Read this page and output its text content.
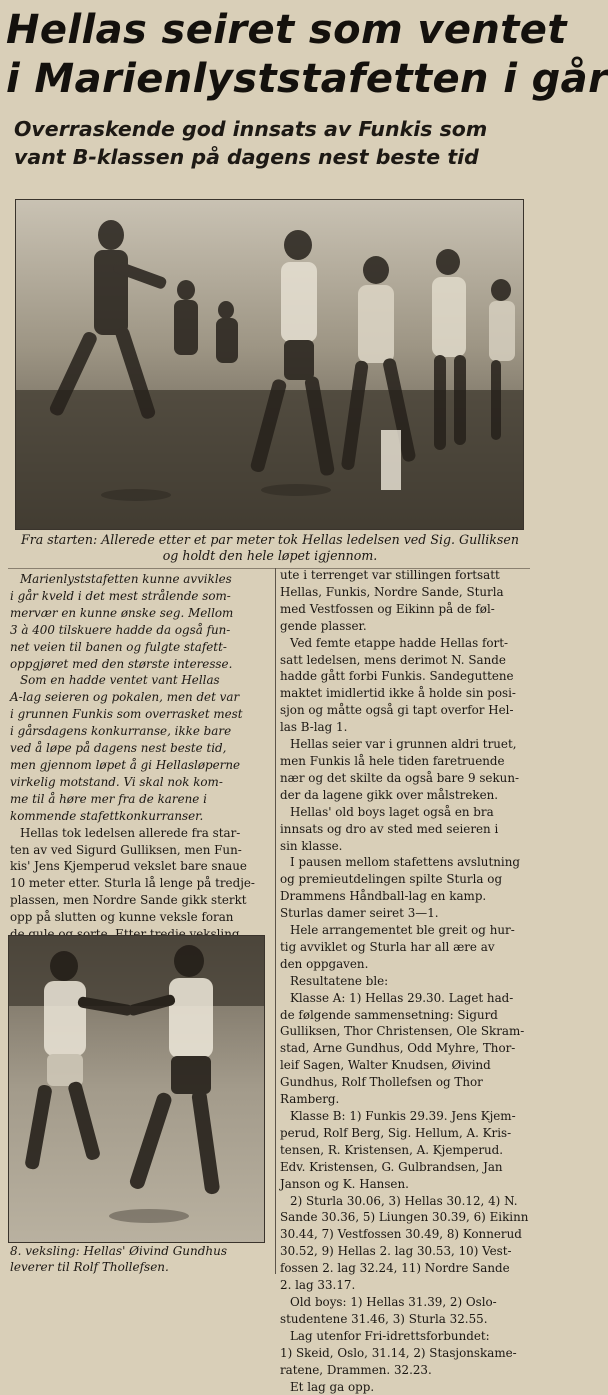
Hellas seiret som ventet
i Marienlyststafetten i går
Overraskende god innsats av Funkis som
vant B-klassen på dagens nest beste tid
Fra starten: Allerede etter et par meter tok Hellas ledelsen ved Sig. Gulliksen
og holdt den hele løpet igjennom.
Marienlyststafetten kunne avvikles
i går kveld i det mest strålende som-
mervær en kunne ønske seg. Mellom
3 à 400 tilskuere hadde da også fun-
net veien til banen og fulgte stafett-
oppgjøret med den største interesse.
Som en hadde ventet vant Hellas
A-lag seieren og pokalen, men det var
i grunnen Funkis som overrasket mest
i gårsdagens konkurranse, ikke bare
ved å løpe på dagens nest beste tid,
men gjennom løpet å gi Hellasløperne
virkelig motstand. Vi skal nok kom-
me til å høre mer fra de karene i
kommende stafettkonkurranser.
Hellas tok ledelsen allerede fra star-
ten av ved Sigurd Gulliksen, men Fun-
kis' Jens Kjemperud vekslet bare snaue
10 meter etter. Sturla lå lenge på tredje-
plassen, men Nordre Sande gikk sterkt
opp på slutten og kunne veksle foran
8. veksling: Hellas' Øivind Gundhus
leverer til Rolf Thollefsen.
ute i terrenget var stillingen fortsatt
Hellas, Funkis, Nordre Sande, Sturla
med Vestfossen og Eikinn på de føl-
gende plasser.
Ved femte etappe hadde Hellas fort-
satt ledelsen, mens derimot N. Sande
hadde gått forbi Funkis. Sandeguttene
maktet imidlertid ikke å holde sin posi-
sjon og måtte også gi tapt overfor Hel-
las B-lag 1.
Hellas seier var i grunnen aldri truet,
men Funkis lå hele tiden faretruende
nær og det skilte da også bare 9 sekun-
der da lagene gikk over målstreken.
Hellas' old boys laget også en bra
innsats og dro av sted med seieren i
sin klasse.
I pausen mellom stafettens avslutning
og premieutdelingen spilte Sturla og
Drammens Håndball-lag en kamp.
Sturlas damer seiret 3—1.
Hele arrangementet ble greit og hur-
tig avviklet og Sturla har all ære av
den oppgaven.
Resultatene ble:
Klasse A: 1) Hellas 29.30. Laget had-
de følgende sammensetning: Sigurd
Gulliksen, Thor Christensen, Ole Skram-
stad, Arne Gundhus, Odd Myhre, Thor-
leif Sagen, Walter Knudsen, Øivind
Gundhus, Rolf Thollefsen og Thor
Ramberg.
Klasse B: 1) Funkis 29.39. Jens Kjem-
perud, Rolf Berg, Sig. Hellum, A. Kris-
tensen, R. Kristensen, A. Kjemperud.
Edv. Kristensen, G. Gulbrandsen, Jan
Janson og K. Hansen.
2) Sturla 30.06, 3) Hellas 30.12, 4) N.
Sande 30.36, 5) Liungen 30.39, 6) Eikinn
30.44, 7) Vestfossen 30.49, 8) Konnerud
30.52, 9) Hellas 2. lag 30.53, 10) Vest-
fossen 2. lag 32.24, 11) Nordre Sande
2. lag 33.17.
Old boys: 1) Hellas 31.39, 2) Oslo-
studentene 31.46, 3) Sturla 32.55.
Lag utenfor Fri-idrettsforbundet:
1) Skeid, Oslo, 31.14, 2) Stasjonskame-
ratene, Drammen. 32.23.
Et lag ga opp.
